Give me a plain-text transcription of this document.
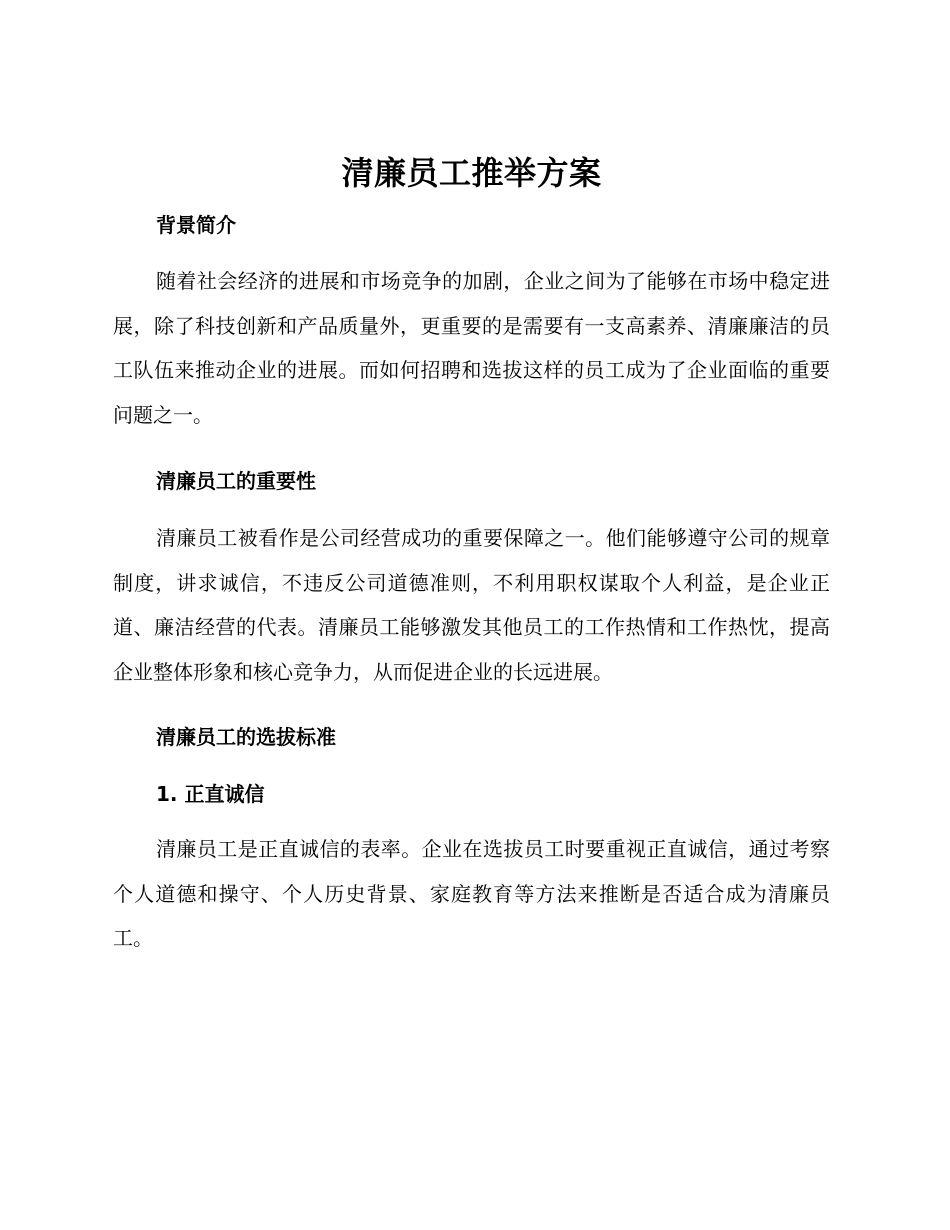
清廉员工推举方案
背景简介

随着社会经济的进展和市场竞争的加剧，企业之间为了能够在市场中稳定进展，除了科技创新和产品质量外，更重要的是需要有一支高素养、清廉廉洁的员工队伍来推动企业的进展。而如何招聘和选拔这样的员工成为了企业面临的重要问题之一。

清廉员工的重要性

清廉员工被看作是公司经营成功的重要保障之一。他们能够遵守公司的规章制度，讲求诚信，不违反公司道德准则，不利用职权谋取个人利益，是企业正道、廉洁经营的代表。清廉员工能够激发其他员工的工作热情和工作热忱，提高企业整体形象和核心竞争力，从而促进企业的长远进展。

清廉员工的选拔标准
1. 正直诚信

清廉员工是正直诚信的表率。企业在选拔员工时要重视正直诚信，通过考察个人道德和操守、个人历史背景、家庭教育等方法来推断是否适合成为清廉员工。
